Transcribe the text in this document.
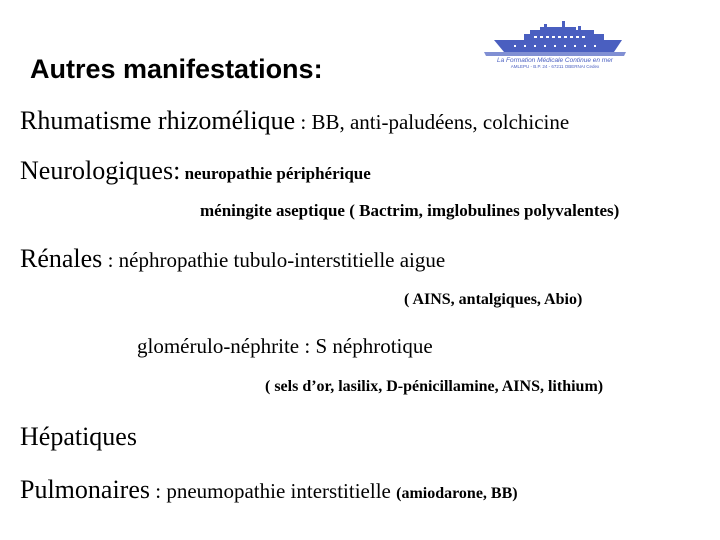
Autres manifestations:	La Formation Médicale Continue en mer
AMLEPU - B.P. 24 - 67211 OBERNAI Cedex
Rhumatisme rhizomélique : BB, anti-paludéens, colchicine
Neurologiques: neuropathie périphérique
méningite aseptique ( Bactrim, imglobulines polyvalentes)
Rénales : néphropathie tubulo-interstitielle aigue
( AINS, antalgiques, Abio)
glomérulo-néphrite : S néphrotique
( sels d’or, lasilix, D-pénicillamine, AINS, lithium)
Hépatiques
Pulmonaires : pneumopathie interstitielle (amiodarone, BB)
